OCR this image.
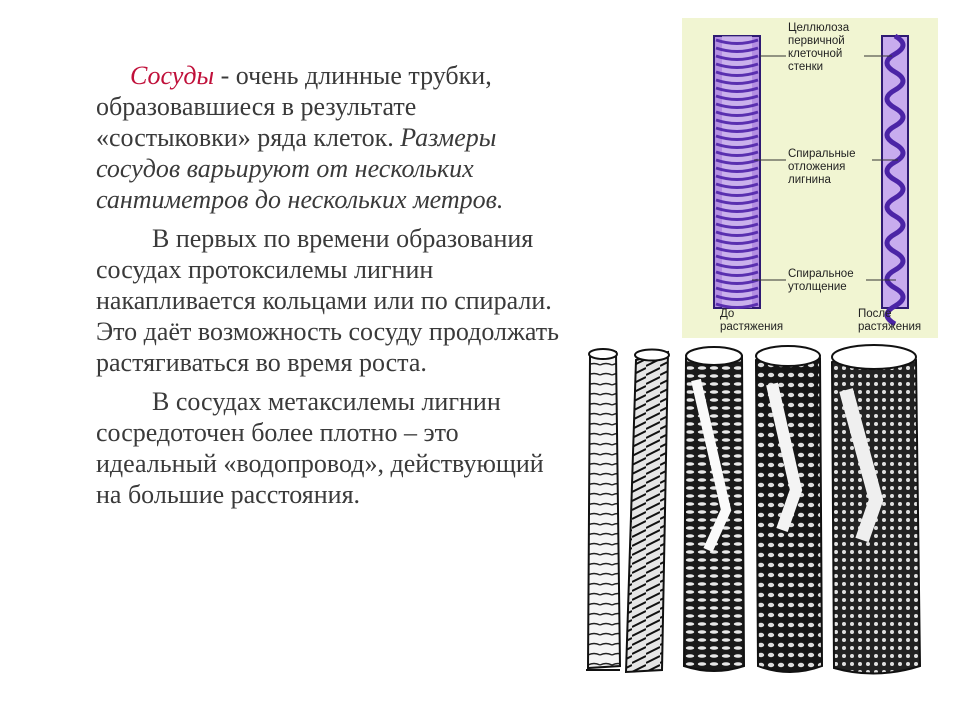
Сосуды - очень длинные трубки, образовавшиеся в результате «состыковки» ряда клеток. Размеры сосудов варьируют от нескольких сантиметров до нескольких метров.

В первых по времени образования сосудах протоксилемы лигнин накапливается кольцами или по спирали. Это даёт возможность сосуду продолжать растягиваться во время роста.

В сосудах метаксилемы лигнин сосредоточен более плотно – это идеальный «водопровод», действующий на большие расстояния.

Целлюлоза первичной клеточной стенки
Спиральные отложения лигнина
Спиральное утолщение
До растяжения
После растяжения
